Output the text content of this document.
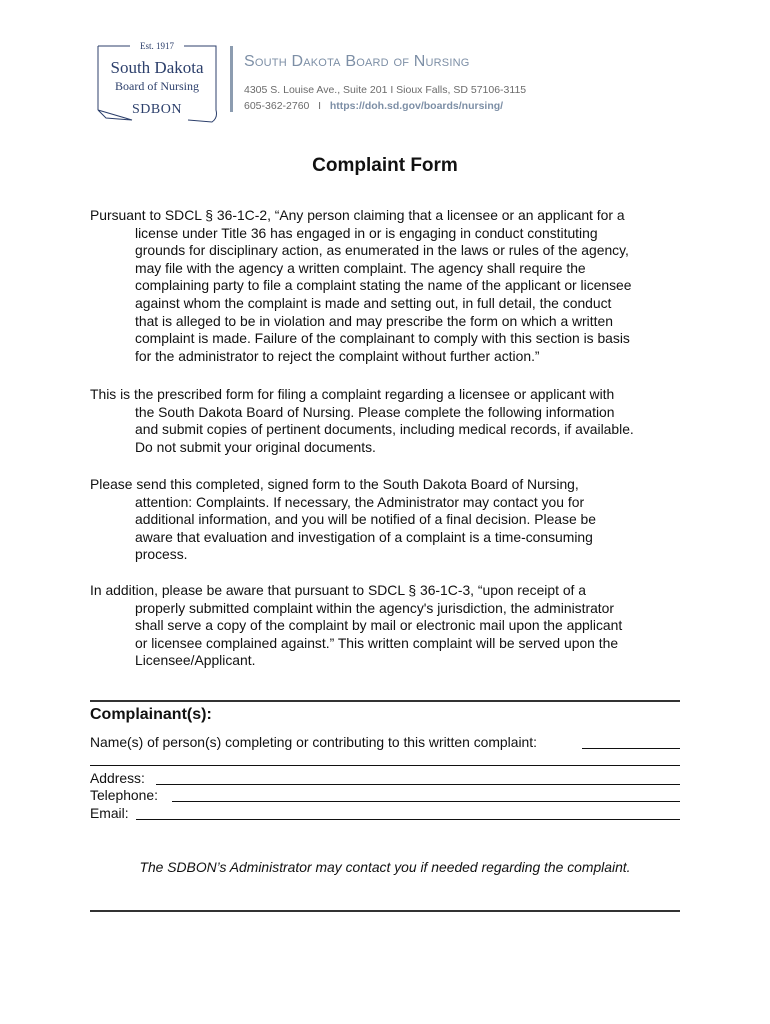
Est. 1917
South Dakota
Board of Nursing
SDBON
South Dakota Board of Nursing
4305 S. Louise Ave., Suite 201 I Sioux Falls, SD 57106-3115
605-362-2760 I https://doh.sd.gov/boards/nursing/
Complaint Form

Pursuant to SDCL § 36-1C-2, “Any person claiming that a licensee or an applicant for a
license under Title 36 has engaged in or is engaging in conduct constituting
grounds for disciplinary action, as enumerated in the laws or rules of the agency,
may file with the agency a written complaint. The agency shall require the
complaining party to file a complaint stating the name of the applicant or licensee
against whom the complaint is made and setting out, in full detail, the conduct
that is alleged to be in violation and may prescribe the form on which a written
complaint is made. Failure of the complainant to comply with this section is basis
for the administrator to reject the complaint without further action.”

This is the prescribed form for filing a complaint regarding a licensee or applicant with
the South Dakota Board of Nursing. Please complete the following information
and submit copies of pertinent documents, including medical records, if available.
Do not submit your original documents.

Please send this completed, signed form to the South Dakota Board of Nursing,
attention: Complaints. If necessary, the Administrator may contact you for
additional information, and you will be notified of a final decision. Please be
aware that evaluation and investigation of a complaint is a time-consuming
process.

In addition, please be aware that pursuant to SDCL § 36-1C-3, “upon receipt of a
properly submitted complaint within the agency's jurisdiction, the administrator
shall serve a copy of the complaint by mail or electronic mail upon the applicant
or licensee complained against.” This written complaint will be served upon the
Licensee/Applicant.

Complainant(s):
Name(s) of person(s) completing or contributing to this written complaint:
Address:
Telephone:
Email:
The SDBON’s Administrator may contact you if needed regarding the complaint.
